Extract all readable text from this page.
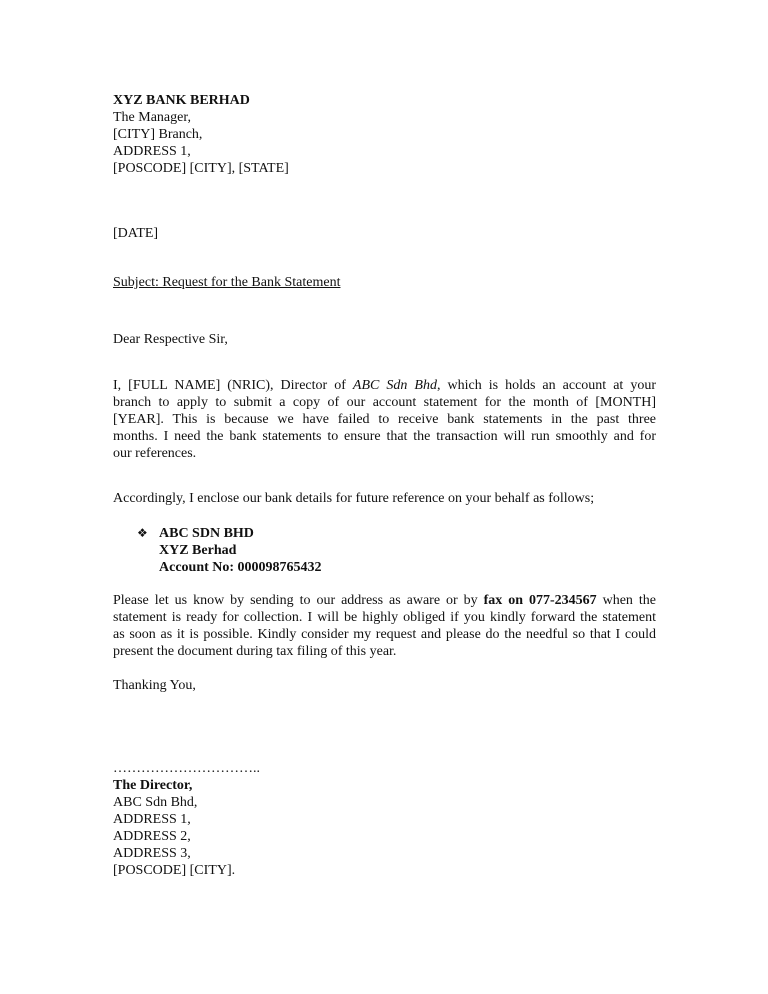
XYZ BANK BERHAD
The Manager,
[CITY] Branch,
ADDRESS 1,
[POSCODE] [CITY], [STATE]
[DATE]
Subject: Request for the Bank Statement
Dear Respective Sir,
I, [FULL NAME] (NRIC), Director of ABC Sdn Bhd, which is holds an account at your
branch to apply to submit a copy of our account statement for the month of [MONTH]
[YEAR]. This is because we have failed to receive bank statements in the past three
months. I need the bank statements to ensure that the transaction will run smoothly and for
our references.
Accordingly, I enclose our bank details for future reference on your behalf as follows;
❖ ABC SDN BHD
XYZ Berhad
Account No: 000098765432
Please let us know by sending to our address as aware or by fax on 077-234567 when the
statement is ready for collection. I will be highly obliged if you kindly forward the statement
as soon as it is possible. Kindly consider my request and please do the needful so that I could
present the document during tax filing of this year.
Thanking You,
…………………………..
The Director,
ABC Sdn Bhd,
ADDRESS 1,
ADDRESS 2,
ADDRESS 3,
[POSCODE] [CITY].
